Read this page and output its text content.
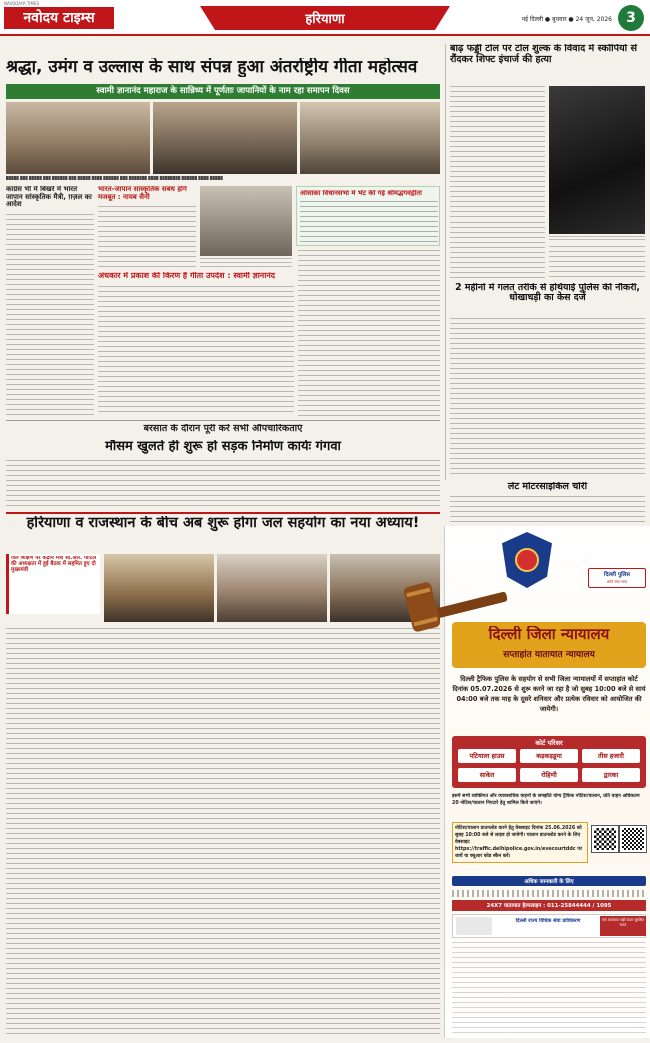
NAVODAYA TIMES
नवोदय टाइम्स	हरियाणा	नई दिल्ली ● बुधवार ● 24 जून, 2026	3
श्रद्धा, उमंग व उल्लास के साथ संपन्न हुआ अंतर्राष्ट्रीय गीता महोत्सव
स्वामी ज्ञानानंद महाराज के सान्निध्य में पूर्णताः जापानियों के नाम रहा समापन दिवस
▉▉▉▉▉ ▉▉▉ ▉▉▉▉▉ ▉▉▉ ▉▉▉▉▉▉ ▉▉▉ ▉▉▉▉▉ ▉▉▉▉ ▉▉▉▉▉▉ ▉▉▉ ▉▉▉▉▉▉▉ ▉▉▉▉ ▉▉▉▉▉▉▉▉ ▉▉▉▉▉▉ ▉▉▉▉ ▉▉▉▉▉
कांग्रेस भी में बिखरे में भारत जापान सांस्कृतिक मैत्री, ग़ज़ल का आदेश
भारत-जापान सांस्कृतिक संबंध होंगे मजबूत : नायब सैनी	ओसाका विधानसभा में भेंट की गई श्रीमद्भगवद्गीता
अंधकार में प्रकाश की किरण है गीता उपदेश : स्वामी ज्ञानानंद
बाढ़ फड्डी टोल पर टोल शुल्क के विवाद में स्कॉर्पियो से रौंदकर शिफ्ट इंचार्ज की हत्या
2 महीनों में गलत तरीके से हथियाई पुलिस की नौकरी, धोखाधड़ी का केस दर्ज
बरसात के दौरान पूरी करें सभी औपचारिकताएं
मौसम खुलते ही शुरू हो सड़क निर्माण कार्यः गंगवा
लेट मोटरसाइकिल चोरी
हरियाणा व राजस्थान के बीच अब शुरू होगा जल सहयोग का नया अध्याय!
जल शिक्षण पर केंद्रीय मंत्री सी.आर. पाटिल की अध्यक्षता में हुई बैठक में सहमित हुए दो मुख्यमंत्री
दिल्ली पुलिस
शांति सेवा न्याय
दिल्ली जिला न्यायालय
सप्ताहांत यातायात न्यायालय
दिल्ली ट्रैफिक पुलिस के सहयोग से सभी जिला न्यायालयों में सप्ताहांत कोर्ट दिनांक 05.07.2026 से शुरू करने जा रहा है जो सुबह 10:00 बजे से सायं 04:00 बजे तक माह के दूसरे शनिवार और प्रत्येक रविवार को आयोजित की जायेगी।
कोर्ट परिसर
पटियाला हाउस	कड़कड़डूमा	तीस हजारी
साकेत	रोहिणी	द्वारका
इसमें सभी व्यक्तिगत और व्यावसायिक वाहनों के समझौते योग्य ट्रैफिक नोटिस/चालान, प्रति वाहन अधिकतम 20 नोटिस/चालान निपटारे हेतु शामिल किये जाएंगे।
नोटिस/चालान डाउनलोड करने हेतु वेबसाइट दिनांक 25.06.2026 को सुबह 10:00 बजे से लाइव हो जायेगी। चालान डाउनलोड करने के लिए वेबसाइट https://traffic.delhipolice.gov.in/evecourtddc पर जायें या क्यूआर कोड स्कैन करें।
अधिक जानकारी के लिए
24X7 यातायात हेल्पलाइन : 011-25844444 / 1095
दिल्ली राज्य विधिक सेवा प्राधिकरण	एक यातायात सही कदम सुरक्षित सफर
